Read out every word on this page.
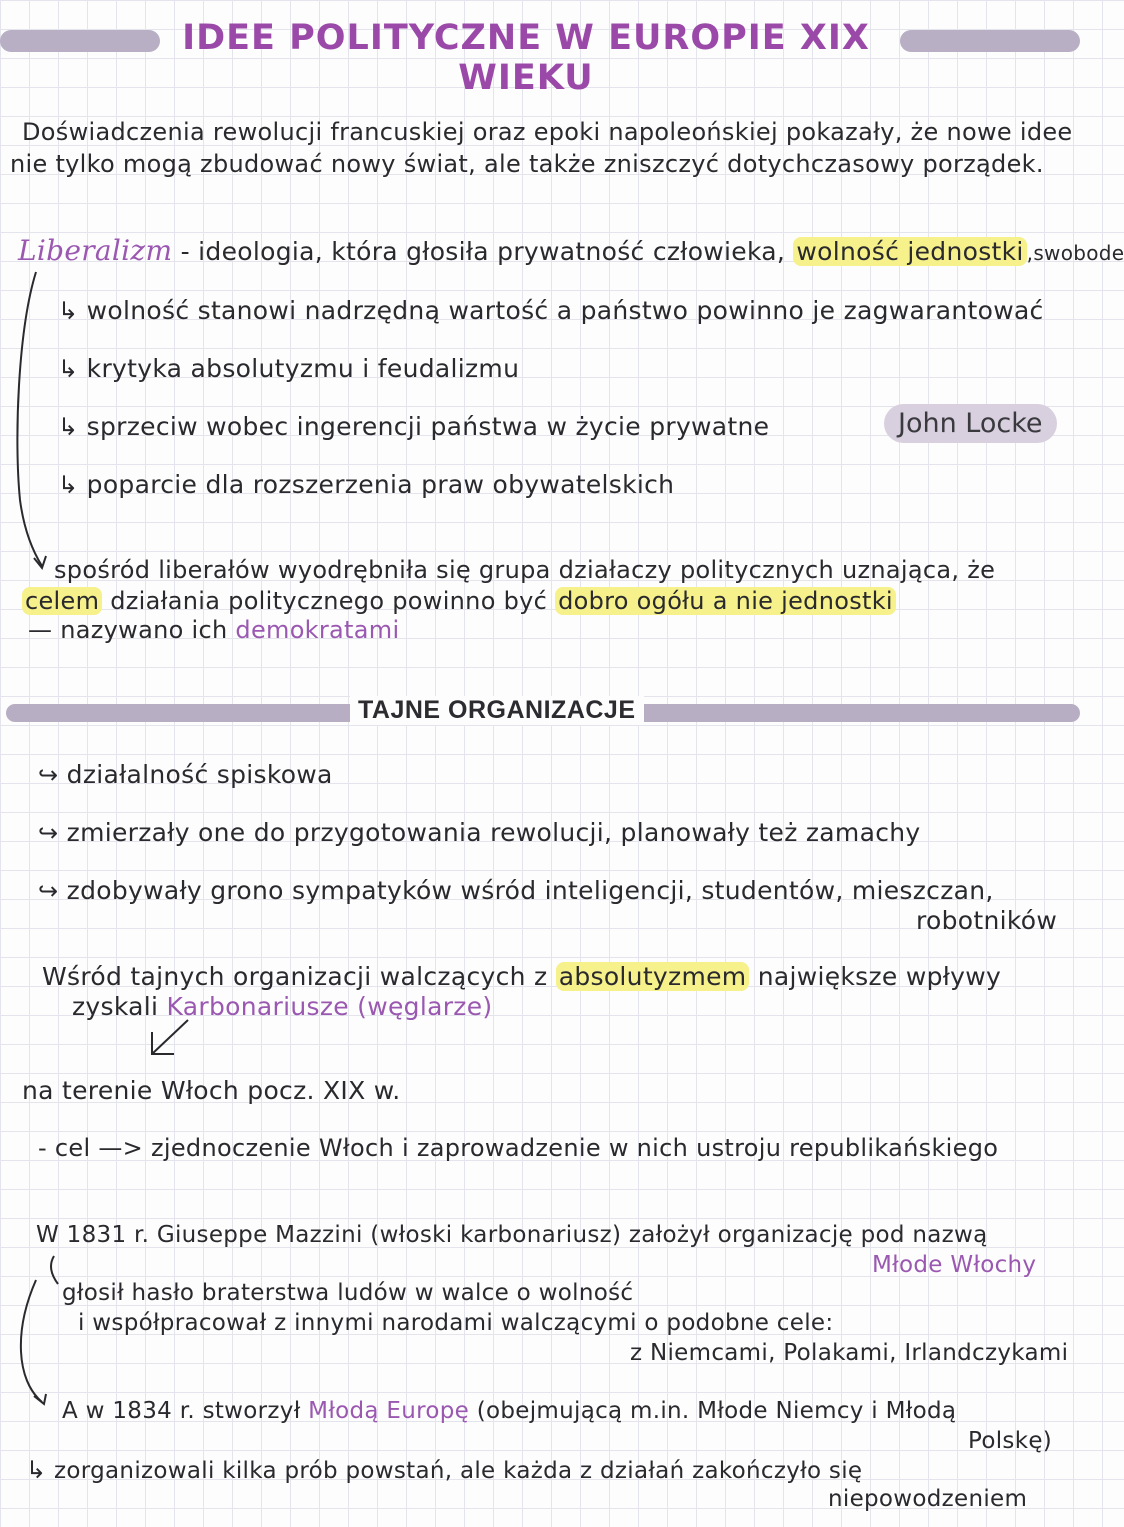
IDEE POLITYCZNE W EUROPIE XIX WIEKU
Doświadczenia rewolucji francuskiej oraz epoki napoleońskiej pokazały, że nowe idee
nie tylko mogą zbudować nowy świat, ale także zniszczyć dotychczasowy porządek.
Liberalizm - ideologia, która głosiła prywatność człowieka, wolność jednostki ,swobode
↳ wolność stanowi nadrzędną wartość a państwo powinno je zagwarantować
↳ krytyka absolutyzmu i feudalizmu
↳ sprzeciw wobec ingerencji państwa w życie prywatne
↳ poparcie dla rozszerzenia praw obywatelskich
John Locke
spośród liberałów wyodrębniła się grupa działaczy politycznych uznająca, że
celem działania politycznego powinno być dobro ogółu a nie jednostki
— nazywano ich demokratami
TAJNE ORGANIZACJE
↪ działalność spiskowa
↪ zmierzały one do przygotowania rewolucji, planowały też zamachy
↪ zdobywały grono sympatyków wśród inteligencji, studentów, mieszczan,
robotników
Wśród tajnych organizacji walczących z absolutyzmem największe wpływy
zyskali Karbonariusze (węglarze)
na terenie Włoch pocz. XIX w.
- cel —> zjednoczenie Włoch i zaprowadzenie w nich ustroju republikańskiego
W 1831 r. Giuseppe Mazzini (włoski karbonariusz) założył organizację pod nazwą
Młode Włochy
głosił hasło braterstwa ludów w walce o wolność
i współpracował z innymi narodami walczącymi o podobne cele:
z Niemcami, Polakami, Irlandczykami
A w 1834 r. stworzył Młodą Europę (obejmującą m.in. Młode Niemcy i Młodą
Polskę)
↳ zorganizowali kilka prób powstań, ale każda z działań zakończyło się
niepowodzeniem
